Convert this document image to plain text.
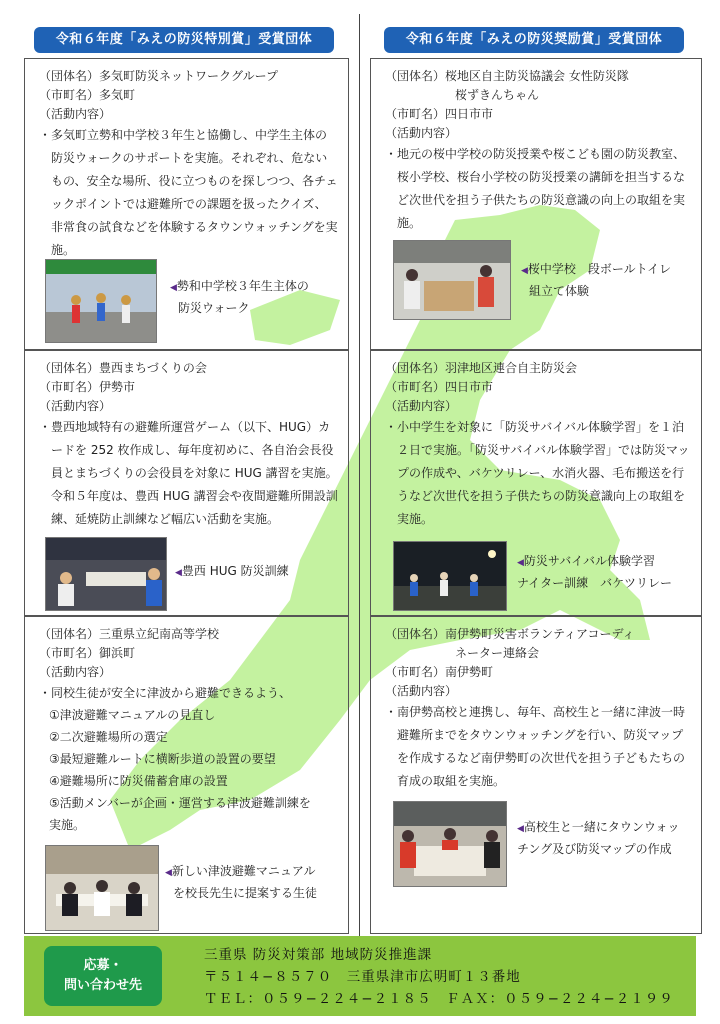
令和６年度「みえの防災特別賞」受賞団体	令和６年度「みえの防災奨励賞」受賞団体
（団体名）多気町防災ネットワークグループ
（市町名）多気町
（活動内容）
・多気町立勢和中学校３年生と協働し、中学生主体の防災ウォークのサポートを実施。それぞれ、危ないもの、安全な場所、役に立つものを探しつつ、各チェックポイントでは避難所での課題を扱ったクイズ、非常食の試食などを体験するタウンウォッチングを実施。
◀勢和中学校３年生主体の
防災ウォーク
（団体名）豊西まちづくりの会
（市町名）伊勢市
（活動内容）
・豊西地域特有の避難所運営ゲーム（以下、HUG）カードを 252 枚作成し、毎年度初めに、各自治会長役員とまちづくりの会役員を対象に HUG 講習を実施。令和５年度は、豊西 HUG 講習会や夜間避難所開設訓練、延焼防止訓練など幅広い活動を実施。
◀豊西 HUG 防災訓練
（団体名）三重県立紀南高等学校
（市町名）御浜町
（活動内容）
・同校生徒が安全に津波から避難できるよう、
①津波避難マニュアルの見直し
②二次避難場所の選定
③最短避難ルートに横断歩道の設置の要望
④避難場所に防災備蓄倉庫の設置
⑤活動メンバーが企画・運営する津波避難訓練を実施。
◀新しい津波避難マニュアル
を校長先生に提案する生徒
（団体名）桜地区自主防災協議会 女性防災隊
桜ずきんちゃん
（市町名）四日市市
（活動内容）
・地元の桜中学校の防災授業や桜こども園の防災教室、桜小学校、桜台小学校の防災授業の講師を担当するなど次世代を担う子供たちの防災意識の向上の取組を実施。
◀桜中学校　段ボールトイレ
組立て体験
（団体名）羽津地区連合自主防災会
（市町名）四日市市
（活動内容）
・小中学生を対象に「防災サバイバル体験学習」を１泊２日で実施。「防災サバイバル体験学習」では防災マップの作成や、バケツリレー、水消火器、毛布搬送を行うなど次世代を担う子供たちの防災意識向上の取組を実施。
◀防災サバイバル体験学習
ナイター訓練　バケツリレー
（団体名）南伊勢町災害ボランティアコーディ
ネーター連絡会
（市町名）南伊勢町
（活動内容）
・南伊勢高校と連携し、毎年、高校生と一緒に津波一時避難所までをタウンウォッチングを行い、防災マップを作成するなど南伊勢町の次世代を担う子どもたちの育成の取組を実施。
◀高校生と一緒にタウンウォッ
チング及び防災マップの作成
応募・
問い合わせ先
三重県 防災対策部 地域防災推進課
〒５１４−８５７０　三重県津市広明町１３番地
ＴＥＬ：０５９−２２４−２１８５　ＦＡＸ：０５９−２２４−２１９９
